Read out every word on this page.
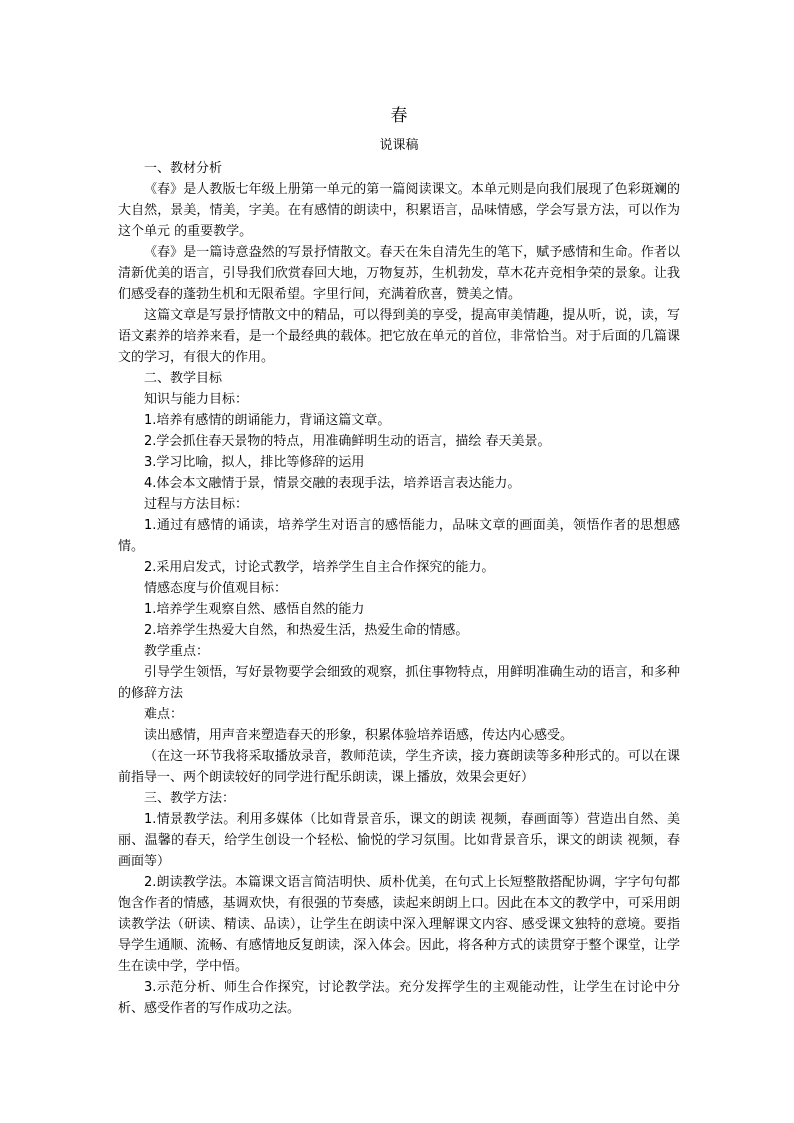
春
说课稿

一、教材分析

《春》是人教版七年级上册第一单元的第一篇阅读课文。本单元则是向我们展现了色彩斑斓的大自然，景美，情美，字美。在有感情的朗读中，积累语言，品味情感，学会写景方法，可以作为这个单元 的重要教学。

《春》是一篇诗意盎然的写景抒情散文。春天在朱自清先生的笔下，赋予感情和生命。作者以清新优美的语言，引导我们欣赏春回大地，万物复苏，生机勃发，草木花卉竞相争荣的景象。让我们感受春的蓬勃生机和无限希望。字里行间，充满着欣喜，赞美之情。

这篇文章是写景抒情散文中的精品，可以得到美的享受，提高审美情趣，提从听，说，读，写语文素养的培养来看，是一个最经典的载体。把它放在单元的首位，非常恰当。对于后面的几篇课文的学习，有很大的作用。

二、教学目标

知识与能力目标：

1.培养有感情的朗诵能力，背诵这篇文章。

2.学会抓住春天景物的特点，用准确鲜明生动的语言，描绘 春天美景。

3.学习比喻，拟人，排比等修辞的运用

4.体会本文融情于景，情景交融的表现手法，培养语言表达能力。

过程与方法目标：

1.通过有感情的诵读，培养学生对语言的感悟能力，品味文章的画面美，领悟作者的思想感情。

2.采用启发式，讨论式教学，培养学生自主合作探究的能力。

情感态度与价值观目标：

1.培养学生观察自然、感悟自然的能力

2.培养学生热爱大自然，和热爱生活，热爱生命的情感。

教学重点：

引导学生领悟，写好景物要学会细致的观察，抓住事物特点，用鲜明准确生动的语言，和多种的修辞方法

难点：

读出感情，用声音来塑造春天的形象，积累体验培养语感，传达内心感受。

（在这一环节我将采取播放录音，教师范读，学生齐读，接力赛朗读等多种形式的。可以在课前指导一、两个朗读较好的同学进行配乐朗读，课上播放，效果会更好）

三、教学方法：

1.情景教学法。利用多媒体（比如背景音乐，课文的朗读 视频，春画面等）营造出自然、美丽、温馨的春天，给学生创设一个轻松、愉悦的学习氛围。比如背景音乐，课文的朗读 视频，春画面等）

2.朗读教学法。本篇课文语言简洁明快、质朴优美，在句式上长短整散搭配协调，字字句句都饱含作者的情感，基调欢快，有很强的节奏感，读起来朗朗上口。因此在本文的教学中，可采用朗读教学法（研读、精读、品读），让学生在朗读中深入理解课文内容、感受课文独特的意境。要指导学生通顺、流畅、有感情地反复朗读，深入体会。因此，将各种方式的读贯穿于整个课堂，让学生在读中学，学中悟。

3.示范分析、师生合作探究，讨论教学法。充分发挥学生的主观能动性，让学生在讨论中分析、感受作者的写作成功之法。
